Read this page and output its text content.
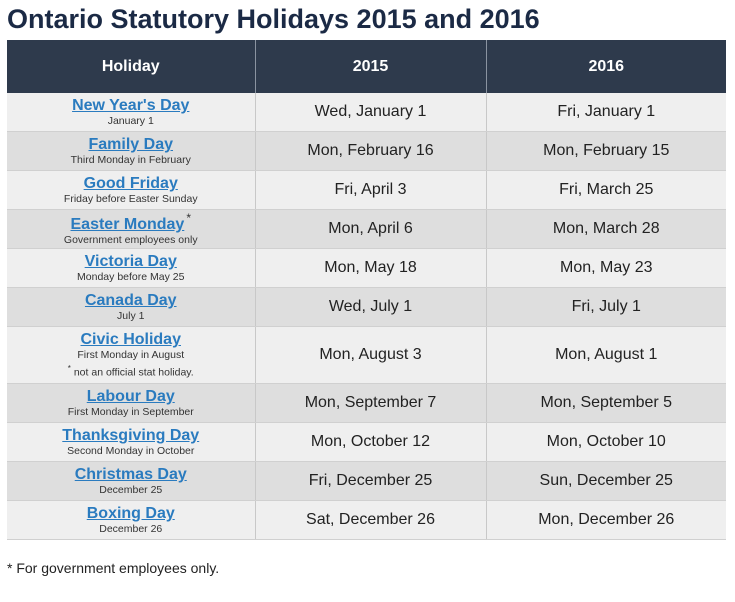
Ontario Statutory Holidays 2015 and 2016
Holiday	2015	2016
New Year's Day
January 1	Wed, January 1	Fri, January 1
Family Day
Third Monday in February	Mon, February 16	Mon, February 15
Good Friday
Friday before Easter Sunday	Fri, April 3	Fri, March 25
Easter Monday *
Government employees only	Mon, April 6	Mon, March 28
Victoria Day
Monday before May 25	Mon, May 18	Mon, May 23
Canada Day
July 1	Wed, July 1	Fri, July 1
Civic Holiday
First Monday in August
* not an official stat holiday.	Mon, August 3	Mon, August 1
Labour Day
First Monday in September	Mon, September 7	Mon, September 5
Thanksgiving Day
Second Monday in October	Mon, October 12	Mon, October 10
Christmas Day
December 25	Fri, December 25	Sun, December 25
Boxing Day
December 26	Sat, December 26	Mon, December 26
* For government employees only.
